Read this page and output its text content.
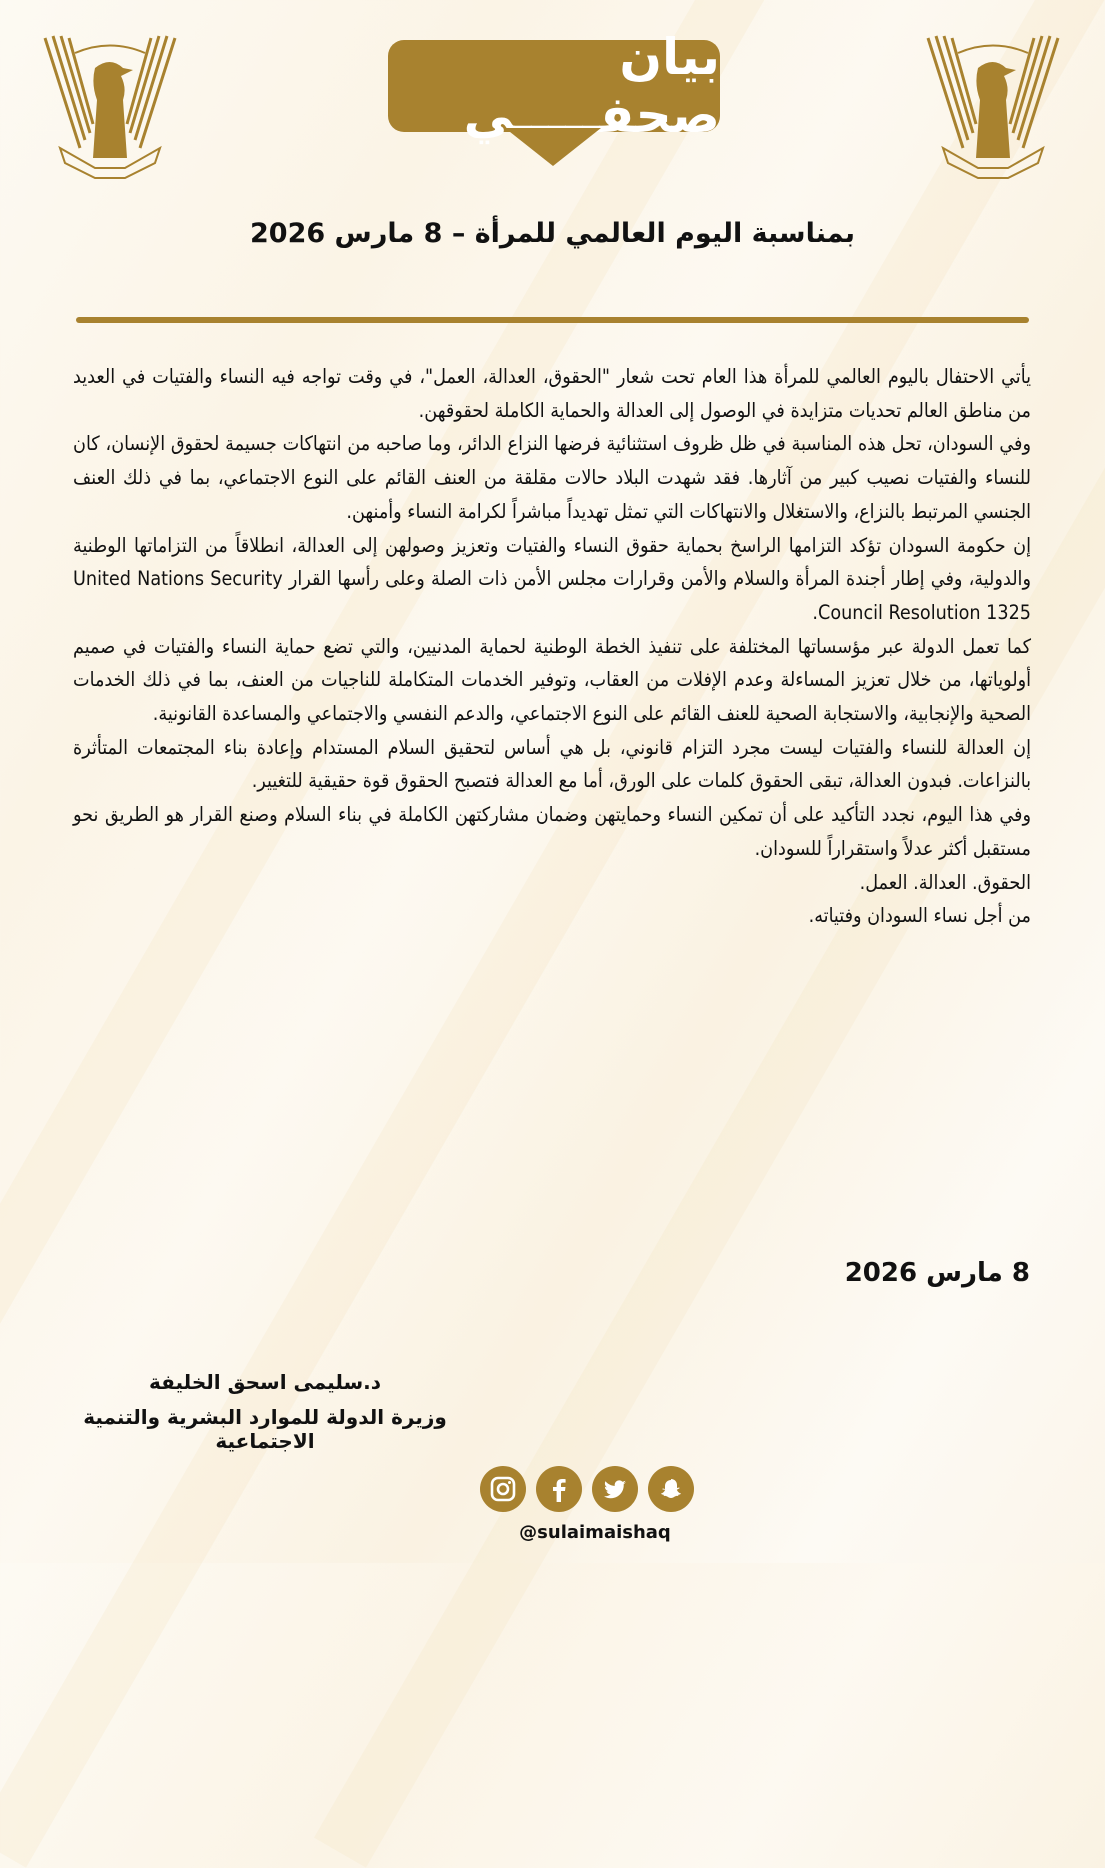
بيان صحفـــــي
بمناسبة اليوم العالمي للمرأة – 8 مارس 2026

يأتي الاحتفال باليوم العالمي للمرأة هذا العام تحت شعار "الحقوق، العدالة، العمل"، في وقت تواجه فيه النساء والفتيات في العديد من مناطق العالم تحديات متزايدة في الوصول إلى العدالة والحماية الكاملة لحقوقهن.

وفي السودان، تحل هذه المناسبة في ظل ظروف استثنائية فرضها النزاع الدائر، وما صاحبه من انتهاكات جسيمة لحقوق الإنسان، كان للنساء والفتيات نصيب كبير من آثارها. فقد شهدت البلاد حالات مقلقة من العنف القائم على النوع الاجتماعي، بما في ذلك العنف الجنسي المرتبط بالنزاع، والاستغلال والانتهاكات التي تمثل تهديداً مباشراً لكرامة النساء وأمنهن.

إن حكومة السودان تؤكد التزامها الراسخ بحماية حقوق النساء والفتيات وتعزيز وصولهن إلى العدالة، انطلاقاً من التزاماتها الوطنية والدولية، وفي إطار أجندة المرأة والسلام والأمن وقرارات مجلس الأمن ذات الصلة وعلى رأسها القرار United Nations Security Council Resolution 1325.

كما تعمل الدولة عبر مؤسساتها المختلفة على تنفيذ الخطة الوطنية لحماية المدنيين، والتي تضع حماية النساء والفتيات في صميم أولوياتها، من خلال تعزيز المساءلة وعدم الإفلات من العقاب، وتوفير الخدمات المتكاملة للناجيات من العنف، بما في ذلك الخدمات الصحية والإنجابية، والاستجابة الصحية للعنف القائم على النوع الاجتماعي، والدعم النفسي والاجتماعي والمساعدة القانونية.

إن العدالة للنساء والفتيات ليست مجرد التزام قانوني، بل هي أساس لتحقيق السلام المستدام وإعادة بناء المجتمعات المتأثرة بالنزاعات. فبدون العدالة، تبقى الحقوق كلمات على الورق، أما مع العدالة فتصبح الحقوق قوة حقيقية للتغيير.

وفي هذا اليوم، نجدد التأكيد على أن تمكين النساء وحمايتهن وضمان مشاركتهن الكاملة في بناء السلام وصنع القرار هو الطريق نحو مستقبل أكثر عدلاً واستقراراً للسودان.

الحقوق. العدالة. العمل.

من أجل نساء السودان وفتياته.

8 مارس 2026
د.سليمى اسحق الخليفة
وزيرة الدولة للموارد البشرية والتنمية الاجتماعية
@sulaimaishaq
